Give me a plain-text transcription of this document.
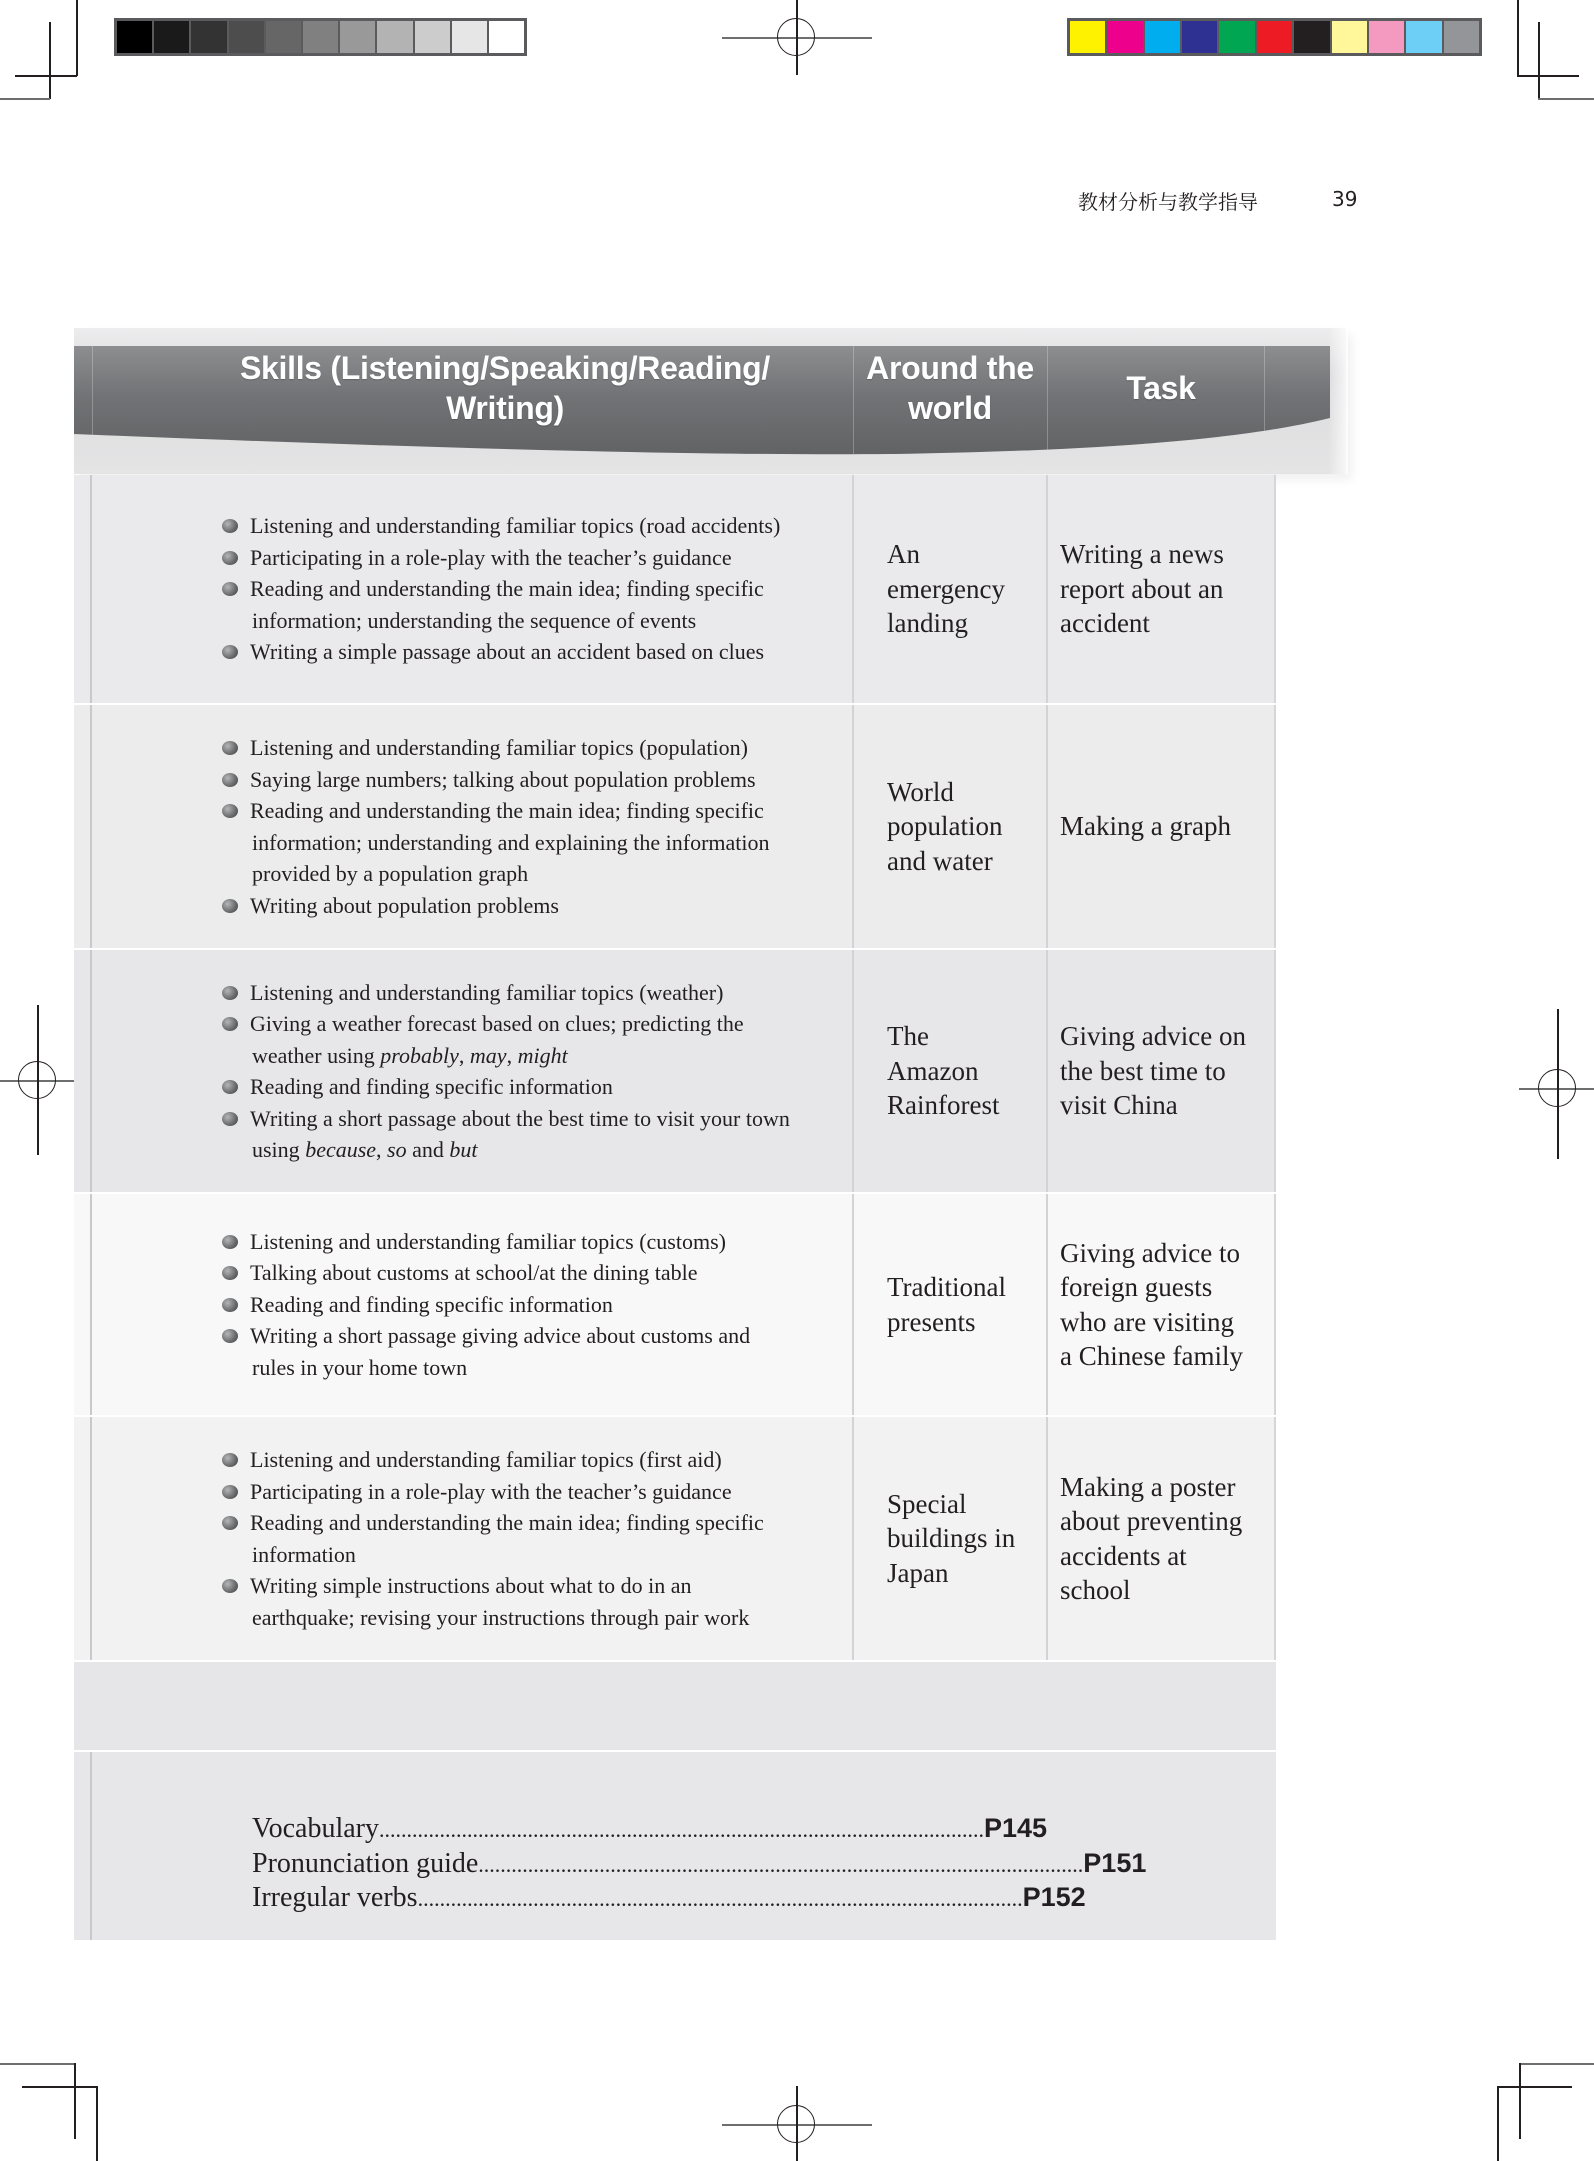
教材分析与教学指导	39
Skills (Listening/Speaking/Reading/
Writing)
Around the
world
Task
Listening and understanding familiar topics (road accidents)
Participating in a role-play with the teacher’s guidance
Reading and understanding the main idea; finding specific
information; understanding the sequence of events
Writing a simple passage about an accident based on clues
An
emergency
landing
Writing a news
report about an
accident
Listening and understanding familiar topics (population)
Saying large numbers; talking about population problems
Reading and understanding the main idea; finding specific
information; understanding and explaining the information
provided by a population graph
Writing about population problems
World
population
and water
Making a graph
Listening and understanding familiar topics (weather)
Giving a weather forecast based on clues; predicting the
weather using probably, may, might
Reading and finding specific information
Writing a short passage about the best time to visit your town
using because, so and but
The
Amazon
Rainforest
Giving advice on
the best time to
visit China
Listening and understanding familiar topics (customs)
Talking about customs at school/at the dining table
Reading and finding specific information
Writing a short passage giving advice about customs and
rules in your home town
Traditional
presents
Giving advice to
foreign guests
who are visiting
a Chinese family
Listening and understanding familiar topics (first aid)
Participating in a role-play with the teacher’s guidance
Reading and understanding the main idea; finding specific
information
Writing simple instructions about what to do in an
earthquake; revising your instructions through pair work
Special
buildings in
Japan
Making a poster
about preventing
accidents at
school
Vocabulary .............................................................................................................. P145
Pronunciation guide .............................................................................................................. P151
Irregular verbs .............................................................................................................. P152
